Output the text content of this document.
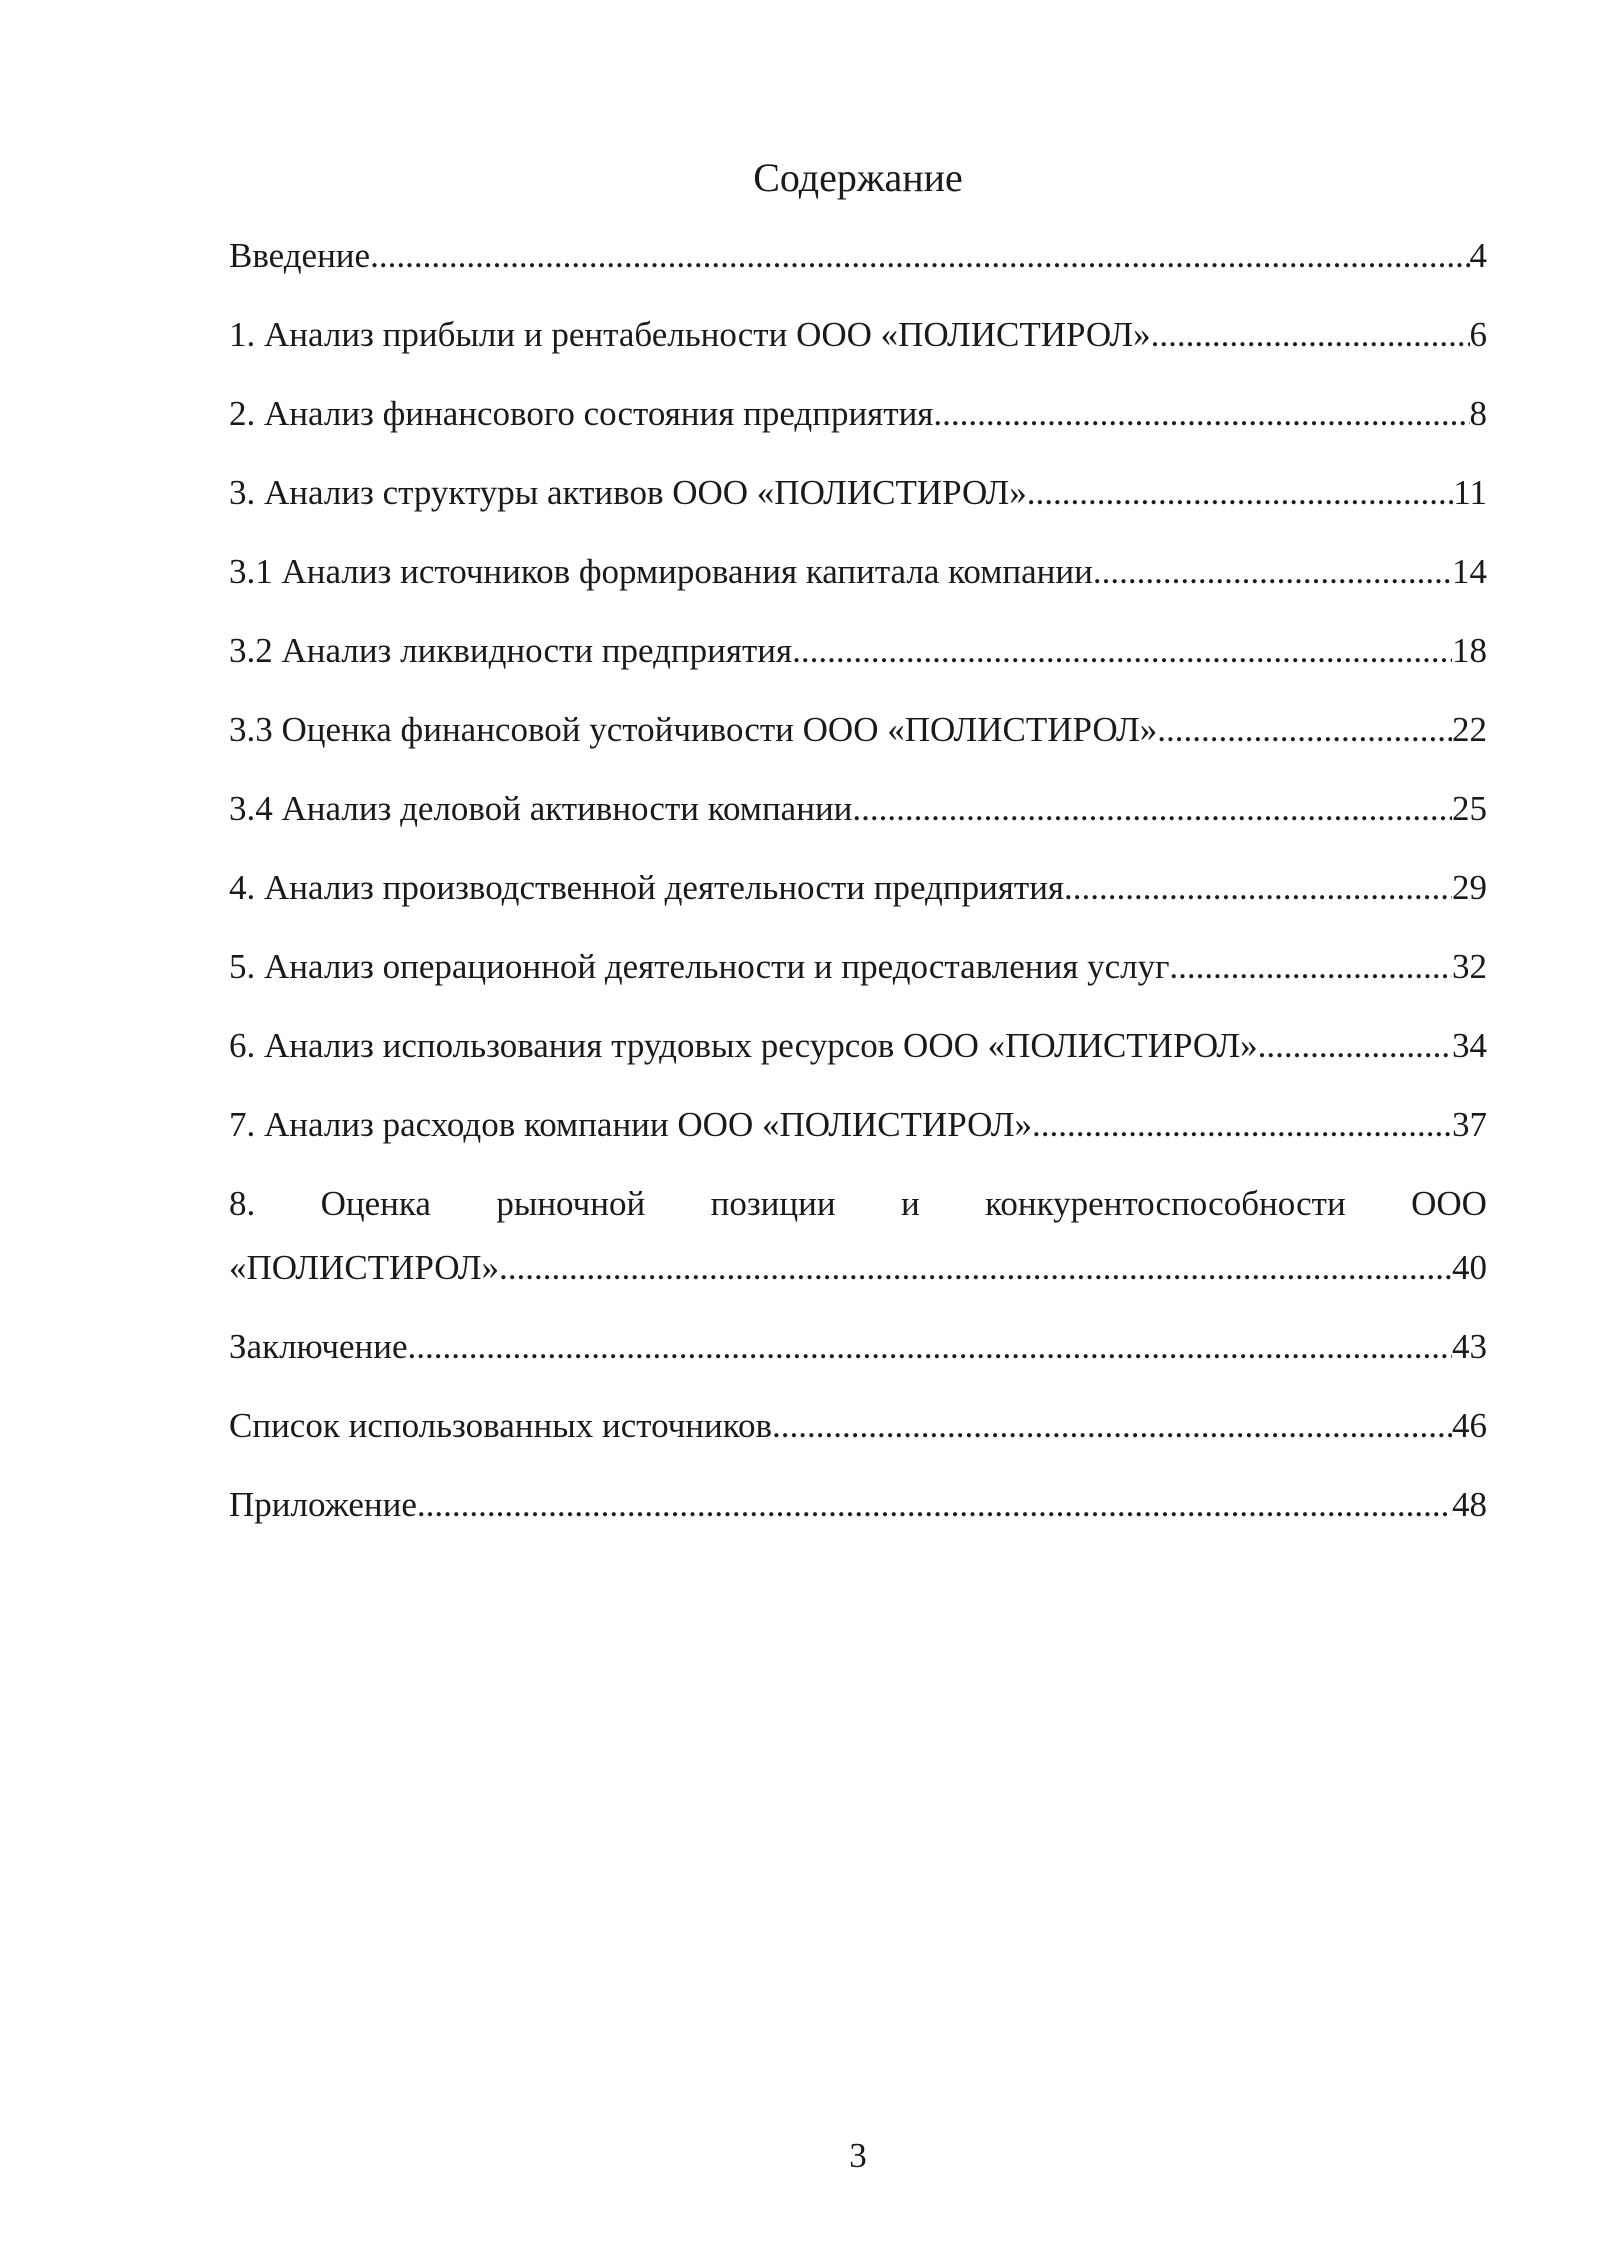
Содержание
Введение .....	4
1. Анализ прибыли и рентабельности ООО «ПОЛИСТИРОЛ» .....	6
2. Анализ финансового состояния предприятия .....	8
3. Анализ структуры активов ООО «ПОЛИСТИРОЛ» .....	11
3.1 Анализ источников формирования капитала компании .....	14
3.2 Анализ ликвидности предприятия .....	18
3.3 Оценка финансовой устойчивости ООО «ПОЛИСТИРОЛ» .....	22
3.4 Анализ деловой активности компании .....	25
4. Анализ производственной деятельности предприятия .....	29
5. Анализ операционной деятельности и предоставления услуг .....	32
6. Анализ использования трудовых ресурсов ООО «ПОЛИСТИРОЛ» .....	34
7. Анализ расходов компании ООО «ПОЛИСТИРОЛ» .....	37
8. Оценка рыночной позиции и конкурентоспособности ООО
«ПОЛИСТИРОЛ» .....	40
Заключение .....	43
Список использованных источников .....	46
Приложение .....	48
3
